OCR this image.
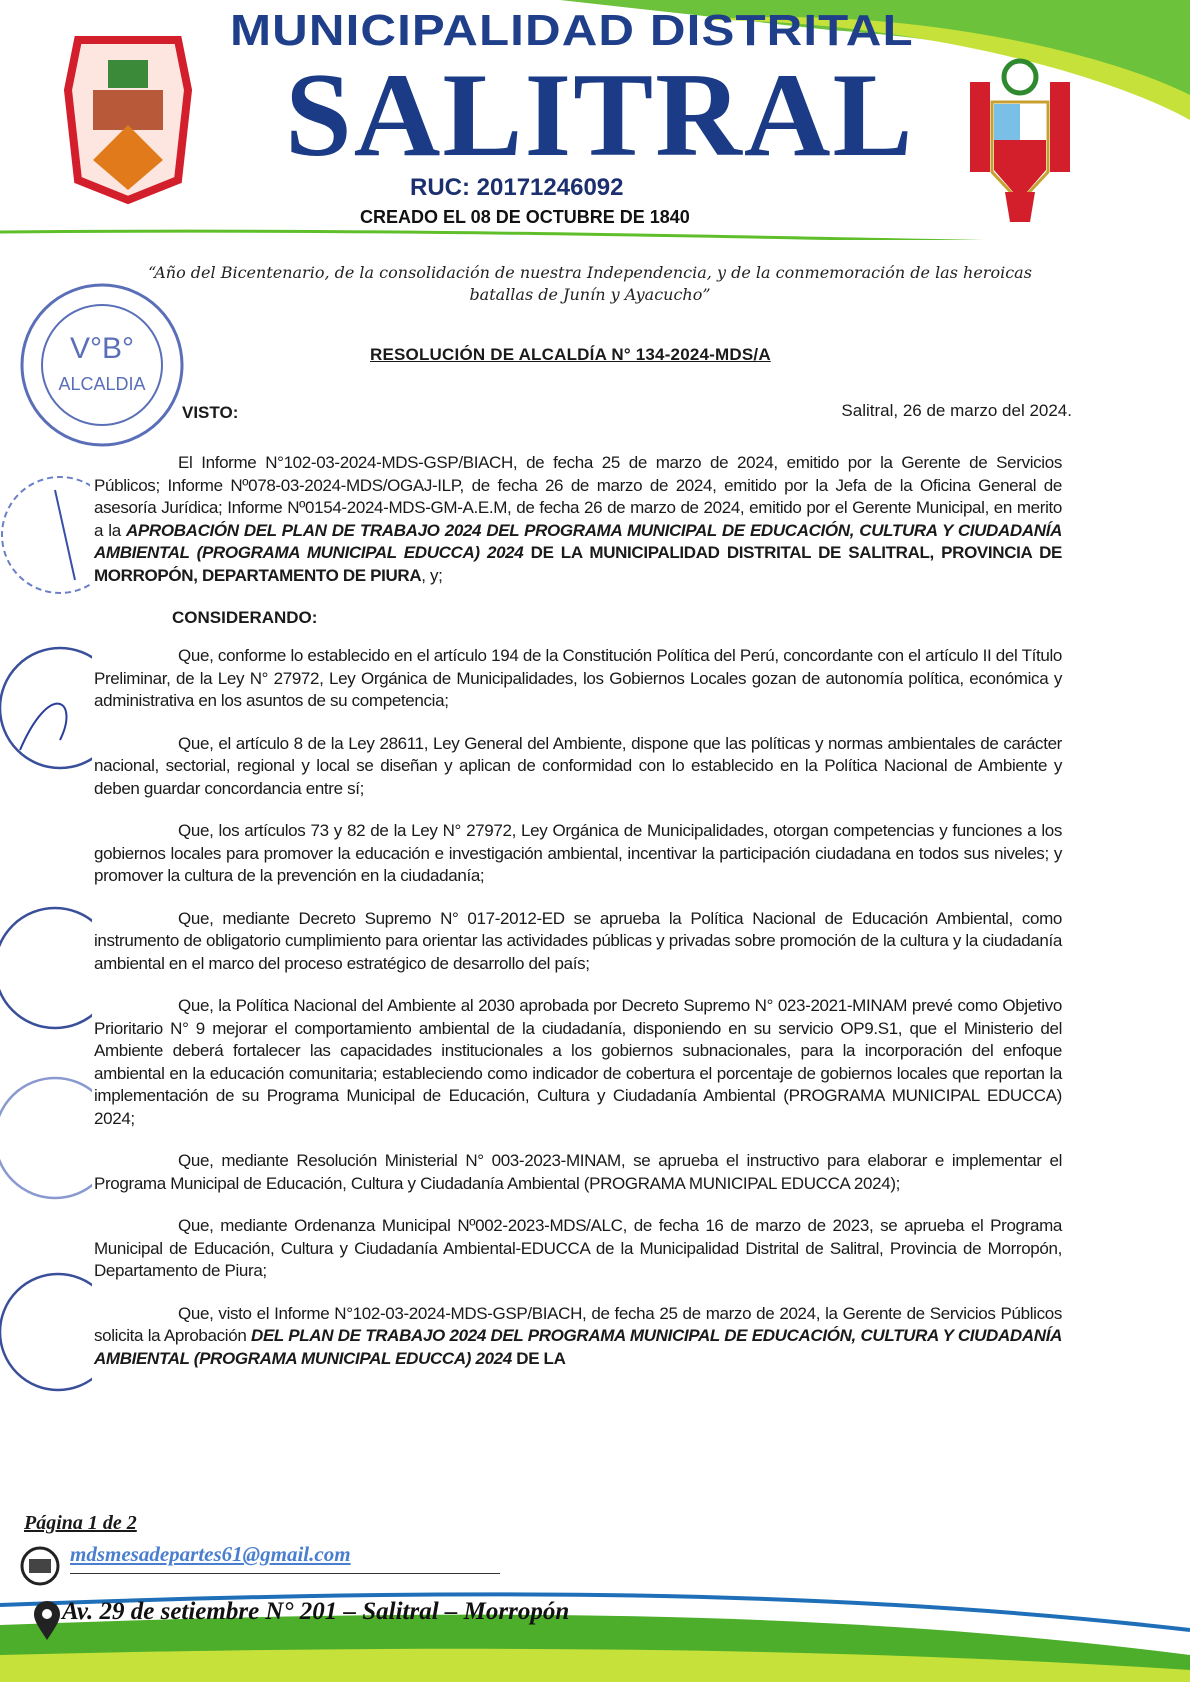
MUNICIPALIDAD DISTRITAL
SALITRAL
RUC: 20171246092
CREADO EL 08 DE OCTUBRE DE 1840
“Año del Bicentenario, de la consolidación de nuestra Independencia, y de la conmemoración de las heroicas batallas de Junín y Ayacucho”
V°B°
ALCALDIA
RESOLUCIÓN DE ALCALDÍA N° 134-2024-MDS/A
VISTO:	Salitral, 26 de marzo del 2024.

El Informe N°102-03-2024-MDS-GSP/BIACH, de fecha 25 de marzo de 2024, emitido por la Gerente de Servicios Públicos; Informe Nº078-03-2024-MDS/OGAJ-ILP, de fecha 26 de marzo de 2024, emitido por la Jefa de la Oficina General de asesoría Jurídica; Informe Nº0154-2024-MDS-GM-A.E.M, de fecha 26 de marzo de 2024, emitido por el Gerente Municipal, en merito a la APROBACIÓN DEL PLAN DE TRABAJO 2024 DEL PROGRAMA MUNICIPAL DE EDUCACIÓN, CULTURA Y CIUDADANÍA AMBIENTAL (PROGRAMA MUNICIPAL EDUCCA) 2024 DE LA MUNICIPALIDAD DISTRITAL DE SALITRAL, PROVINCIA DE MORROPÓN, DEPARTAMENTO DE PIURA, y;

CONSIDERANDO:

Que, conforme lo establecido en el artículo 194 de la Constitución Política del Perú, concordante con el artículo II del Título Preliminar, de la Ley N° 27972, Ley Orgánica de Municipalidades, los Gobiernos Locales gozan de autonomía política, económica y administrativa en los asuntos de su competencia;

Que, el artículo 8 de la Ley 28611, Ley General del Ambiente, dispone que las políticas y normas ambientales de carácter nacional, sectorial, regional y local se diseñan y aplican de conformidad con lo establecido en la Política Nacional de Ambiente y deben guardar concordancia entre sí;

Que, los artículos 73 y 82 de la Ley N° 27972, Ley Orgánica de Municipalidades, otorgan competencias y funciones a los gobiernos locales para promover la educación e investigación ambiental, incentivar la participación ciudadana en todos sus niveles; y promover la cultura de la prevención en la ciudadanía;

Que, mediante Decreto Supremo N° 017-2012-ED se aprueba la Política Nacional de Educación Ambiental, como instrumento de obligatorio cumplimiento para orientar las actividades públicas y privadas sobre promoción de la cultura y la ciudadanía ambiental en el marco del proceso estratégico de desarrollo del país;

Que, la Política Nacional del Ambiente al 2030 aprobada por Decreto Supremo N° 023-2021-MINAM prevé como Objetivo Prioritario N° 9 mejorar el comportamiento ambiental de la ciudadanía, disponiendo en su servicio OP9.S1, que el Ministerio del Ambiente deberá fortalecer las capacidades institucionales a los gobiernos subnacionales, para la incorporación del enfoque ambiental en la educación comunitaria; estableciendo como indicador de cobertura el porcentaje de gobiernos locales que reportan la implementación de su Programa Municipal de Educación, Cultura y Ciudadanía Ambiental (PROGRAMA MUNICIPAL EDUCCA) 2024;

Que, mediante Resolución Ministerial N° 003-2023-MINAM, se aprueba el instructivo para elaborar e implementar el Programa Municipal de Educación, Cultura y Ciudadanía Ambiental (PROGRAMA MUNICIPAL EDUCCA 2024);

Que, mediante Ordenanza Municipal Nº002-2023-MDS/ALC, de fecha 16 de marzo de 2023, se aprueba el Programa Municipal de Educación, Cultura y Ciudadanía Ambiental-EDUCCA de la Municipalidad Distrital de Salitral, Provincia de Morropón, Departamento de Piura;

Que, visto el Informe N°102-03-2024-MDS-GSP/BIACH, de fecha 25 de marzo de 2024, la Gerente de Servicios Públicos solicita la Aprobación DEL PLAN DE TRABAJO 2024 DEL PROGRAMA MUNICIPAL DE EDUCACIÓN, CULTURA Y CIUDADANÍA AMBIENTAL (PROGRAMA MUNICIPAL EDUCCA) 2024 DE LA

Página 1 de 2
mdsmesadepartes61@gmail.com
Av. 29 de setiembre N° 201 – Salitral – Morropón
